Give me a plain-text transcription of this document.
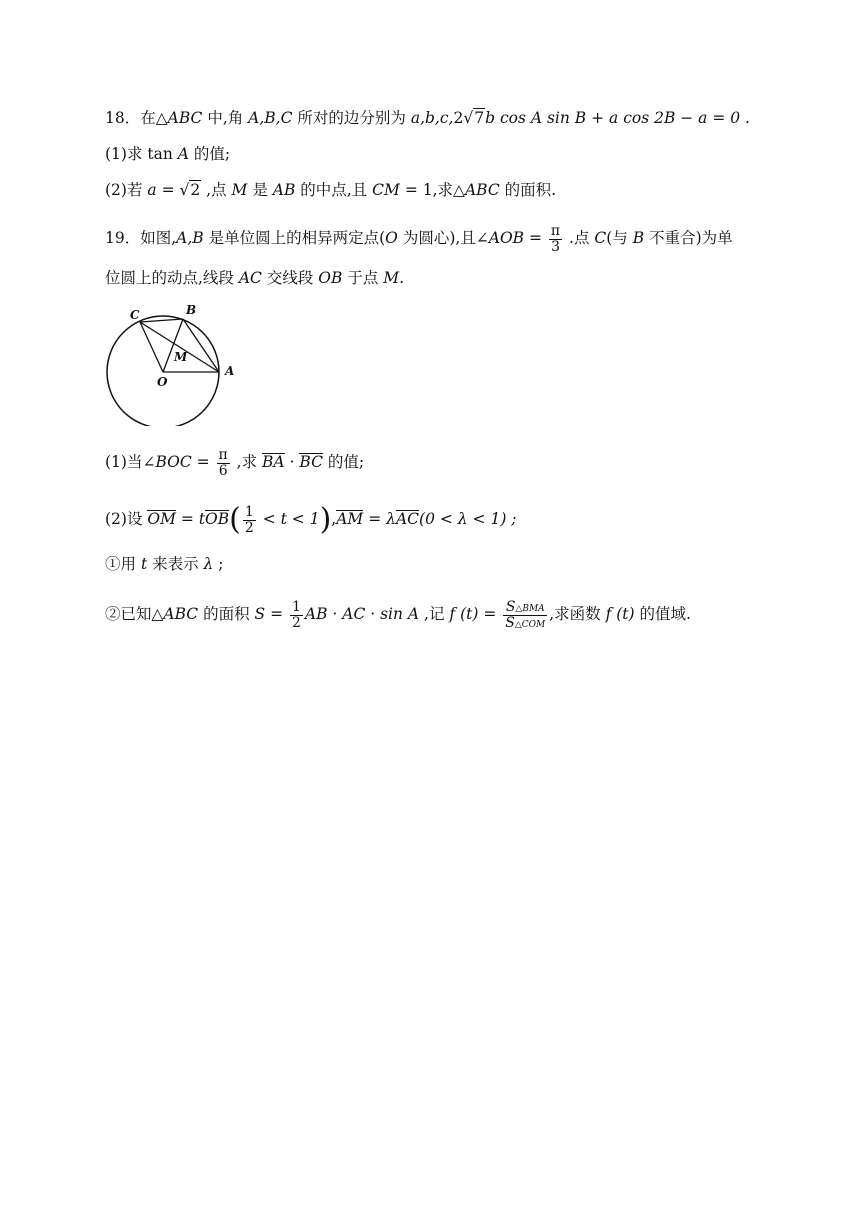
18．在△ABC 中,角 A,B,C 所对的边分别为 a,b,c,2√7b cos A sin B + a cos 2B − a = 0 .
(1)求 tan A 的值;
(2)若 a = √2 ,点 M 是 AB 的中点,且 CM = 1,求△ABC 的面积.
19．如图,A,B 是单位圆上的相异两定点(O 为圆心),且∠AOB = $\frac{\pi}{3}$ .点 C(与 B 不重合)为单
位圆上的动点,线段 AC 交线段 OB 于点 M.
C	B
M
O
A
(1)当∠BOC = $\frac{\pi}{6}$ ,求 BA · BC 的值;
(2)设 OM = $tOB( \frac{1}{2} < t < 1),AM = \lambda AC(0 < \lambda < 1)$ ;
①用 t 来表示 λ ;
②已知△ABC 的面积 $S = \frac{1}{2}$ AB · AC · sin A ,记 f $(t) = \frac{\text{S△BMA}}{\text{S△COM}}$ ,求函数 f (t) 的值域.
